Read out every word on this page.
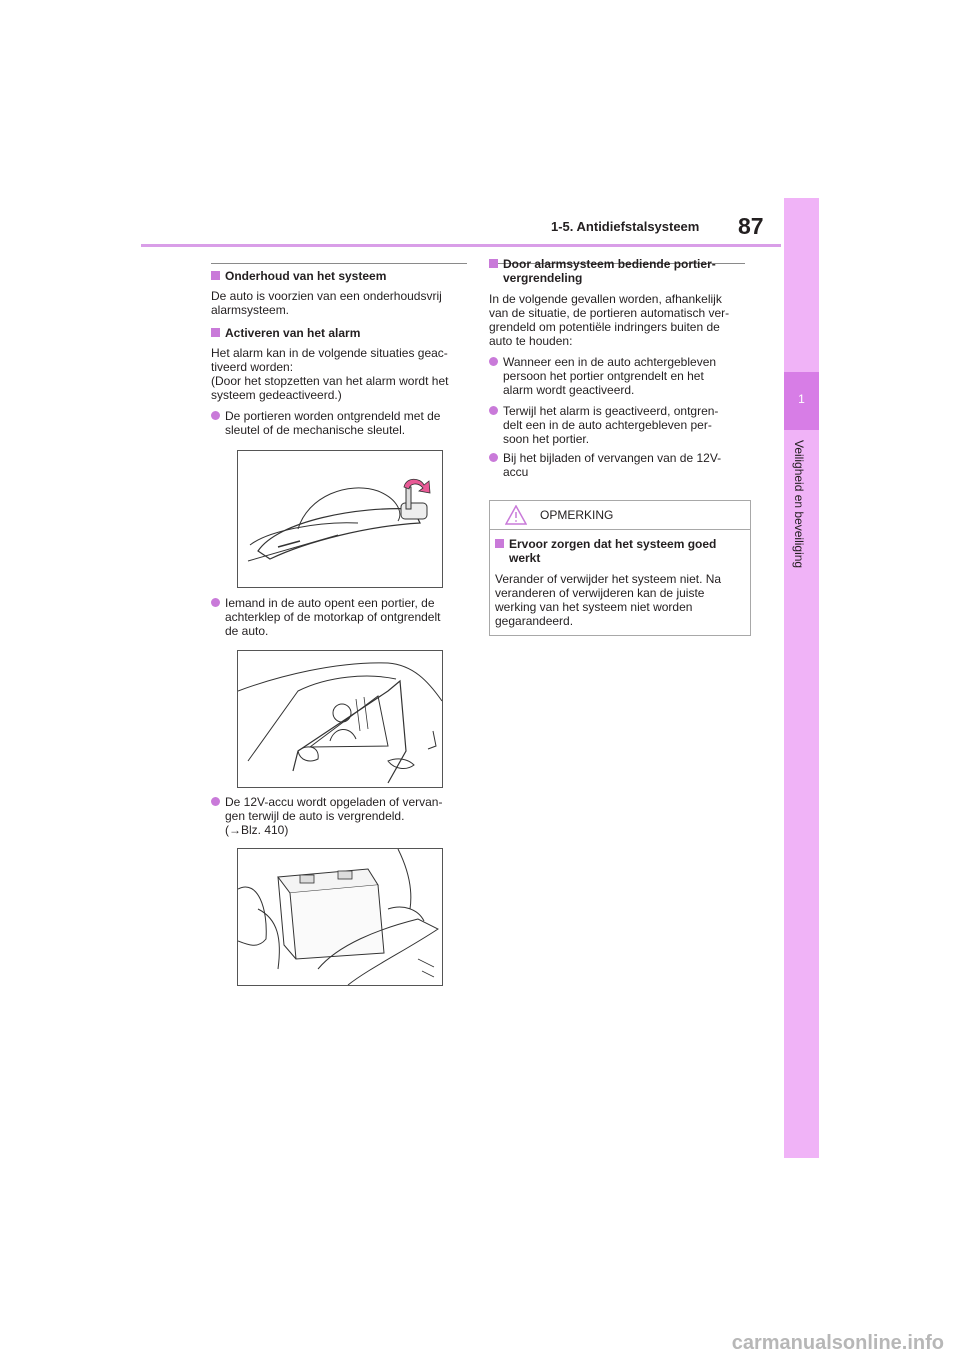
1-5. Antidiefstalsysteem 87
1
Veiligheid en beveiliging
Onderhoud van het systeem
De auto is voorzien van een onderhoudsvrij
alarmsysteem.
Activeren van het alarm
Het alarm kan in de volgende situaties geac-
tiveerd worden:
(Door het stopzetten van het alarm wordt het
systeem gedeactiveerd.)
De portieren worden ontgrendeld met de
sleutel of de mechanische sleutel.
Iemand in de auto opent een portier, de
achterklep of de motorkap of ontgrendelt
de auto.
De 12V-accu wordt opgeladen of vervan-
gen terwijl de auto is vergrendeld.
(→Blz. 410)
Door alarmsysteem bediende portier-
vergrendeling
In de volgende gevallen worden, afhankelijk
van de situatie, de portieren automatisch ver-
grendeld om potentiële indringers buiten de
auto te houden:
Wanneer een in de auto achtergebleven
persoon het portier ontgrendelt en het
alarm wordt geactiveerd.
Terwijl het alarm is geactiveerd, ontgren-
delt een in de auto achtergebleven per-
soon het portier.
Bij het bijladen of vervangen van de 12V-
accu
OPMERKING
Ervoor zorgen dat het systeem goed
werkt
Verander of verwijder het systeem niet. Na
veranderen of verwijderen kan de juiste
werking van het systeem niet worden
gegarandeerd.
carmanualsonline.info
